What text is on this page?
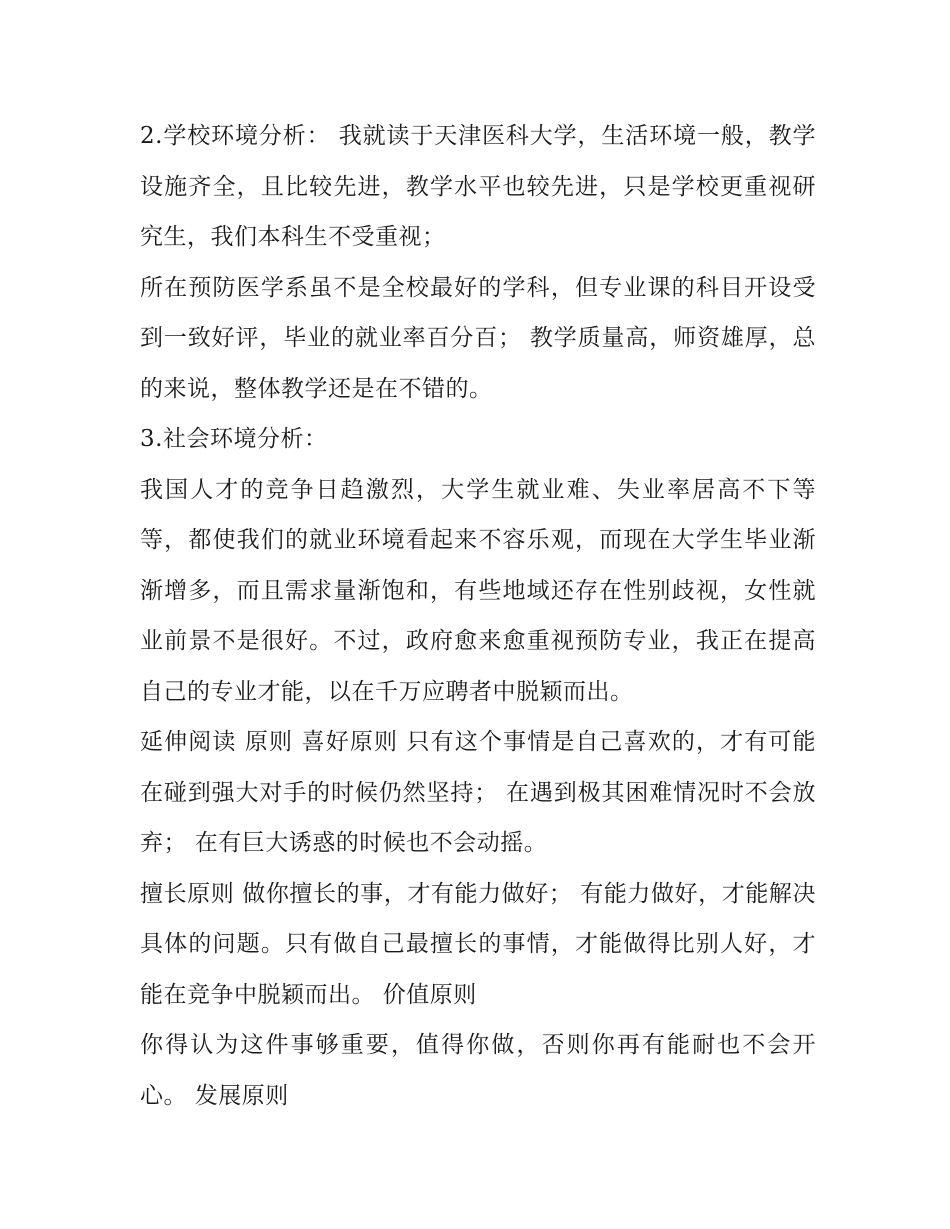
2.学校环境分析： 我就读于天津医科大学，生活环境一般，教学设施齐全，且比较先进，教学水平也较先进，只是学校更重视研究生，我们本科生不受重视；

所在预防医学系虽不是全校最好的学科，但专业课的科目开设受到一致好评，毕业的就业率百分百； 教学质量高，师资雄厚，总的来说，整体教学还是在不错的。

3.社会环境分析：

我国人才的竞争日趋激烈，大学生就业难、失业率居高不下等等，都使我们的就业环境看起来不容乐观，而现在大学生毕业渐渐增多，而且需求量渐饱和，有些地域还存在性别歧视，女性就业前景不是很好。不过，政府愈来愈重视预防专业，我正在提高自己的专业才能，以在千万应聘者中脱颖而出。

延伸阅读 原则 喜好原则 只有这个事情是自己喜欢的，才有可能在碰到强大对手的时候仍然坚持； 在遇到极其困难情况时不会放弃； 在有巨大诱惑的时候也不会动摇。

擅长原则 做你擅长的事，才有能力做好； 有能力做好，才能解决具体的问题。只有做自己最擅长的事情，才能做得比别人好，才能在竞争中脱颖而出。 价值原则

你得认为这件事够重要，值得你做，否则你再有能耐也不会开心。 发展原则
